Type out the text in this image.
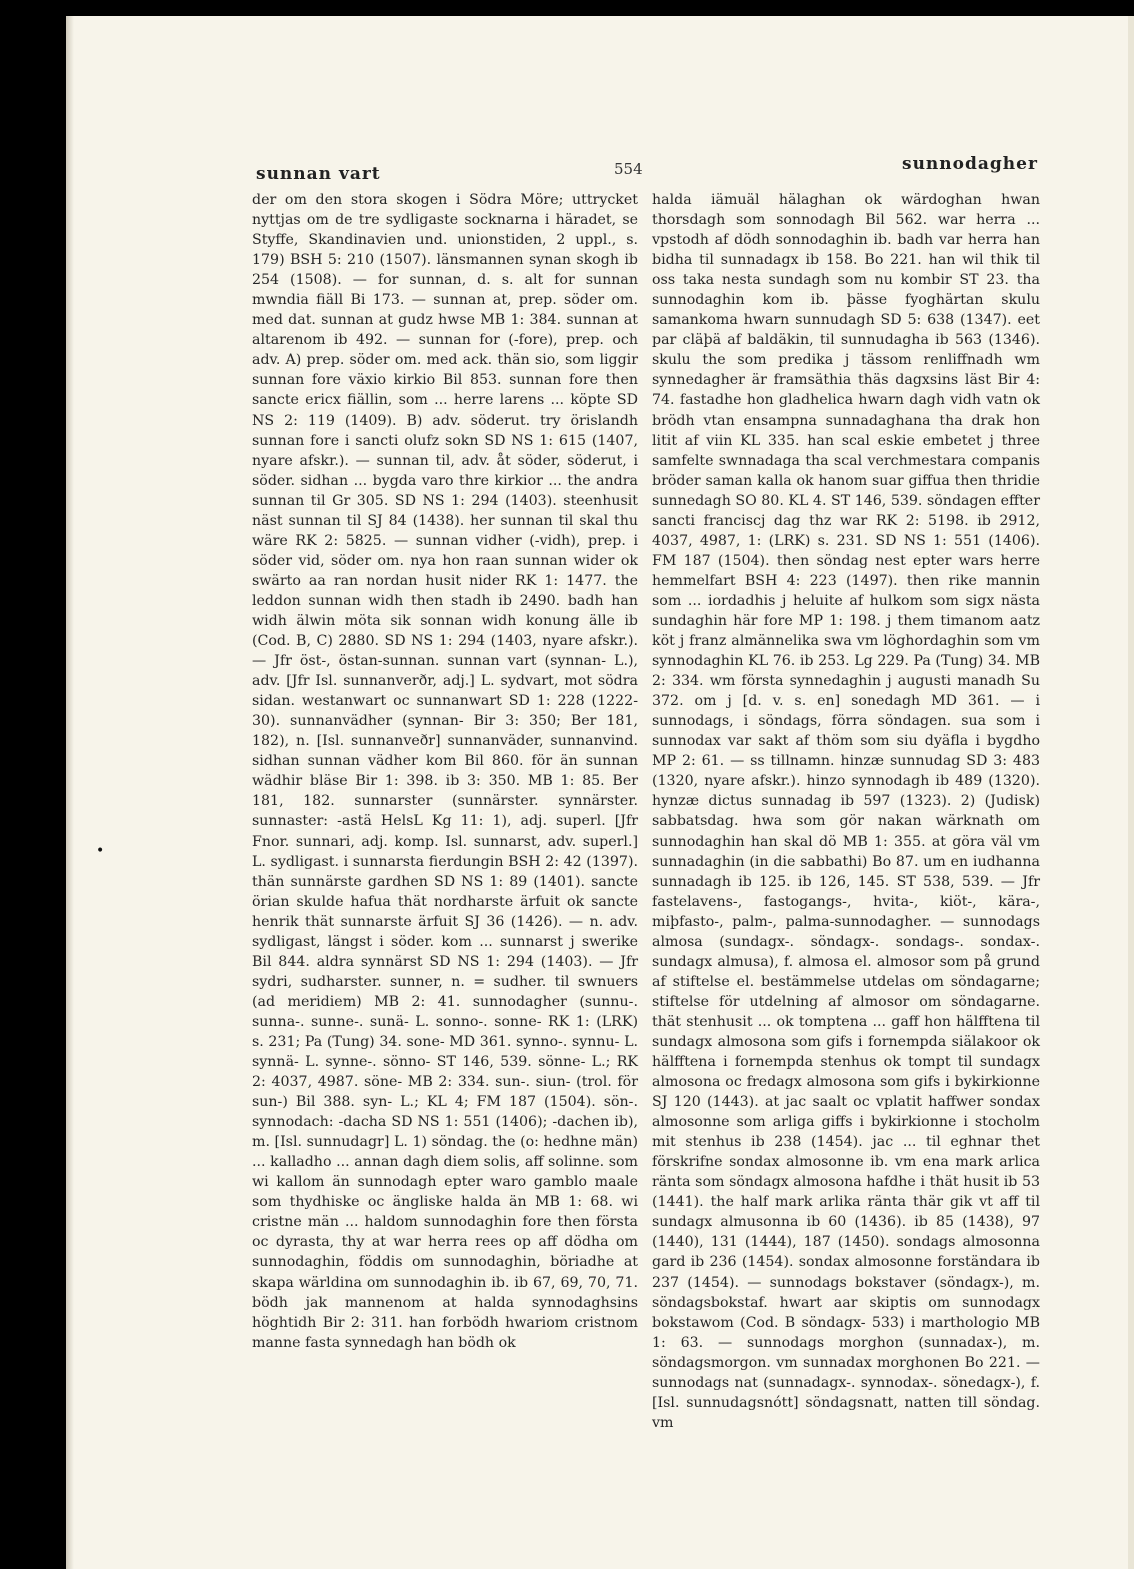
sunnan vart	554	sunnodagher
•

der om den stora skogen i Södra Möre; uttrycket nyttjas om de tre sydligaste socknarna i häradet, se Styffe, Skandinavien und. unionstiden, 2 uppl., s. 179) BSH 5: 210 (1507). länsmannen synan skogh ib 254 (1508). — for sunnan, d. s. alt for sunnan mwndia fiäll Bi 173. — sunnan at, prep. söder om. med dat. sunnan at gudz hwse MB 1: 384. sunnan at altarenom ib 492. — sunnan for (-fore), prep. och adv. A) prep. söder om. med ack. thän sio, som liggir sunnan fore växio kirkio Bil 853. sunnan fore then sancte ericx fiällin, som ... herre larens ... köpte SD NS 2: 119 (1409). B) adv. söderut. try örislandh sunnan fore i sancti olufz sokn SD NS 1: 615 (1407, nyare afskr.). — sunnan til, adv. åt söder, söderut, i söder. sidhan ... bygda varo thre kirkior ... the andra sunnan til Gr 305. SD NS 1: 294 (1403). steenhusit näst sunnan til SJ 84 (1438). her sunnan til skal thu wäre RK 2: 5825. — sunnan vidher (-vidh), prep. i söder vid, söder om. nya hon raan sunnan wider ok swärto aa ran nordan husit nider RK 1: 1477. the leddon sunnan widh then stadh ib 2490. badh han widh älwin möta sik sonnan widh konung älle ib (Cod. B, C) 2880. SD NS 1: 294 (1403, nyare afskr.). — Jfr öst-, östan-sunnan. sunnan vart (synnan- L.), adv. [Jfr Isl. sunnanverðr, adj.] L. sydvart, mot södra sidan. westanwart oc sunnanwart SD 1: 228 (1222-30). sunnanvädher (synnan- Bir 3: 350; Ber 181, 182), n. [Isl. sunnanveðr] sunnanväder, sunnanvind. sidhan sunnan vädher kom Bil 860. för än sunnan wädhir bläse Bir 1: 398. ib 3: 350. MB 1: 85. Ber 181, 182. sunnarster (sunnärster. synnärster. sunnaster: -astä HelsL Kg 11: 1), adj. superl. [Jfr Fnor. sunnari, adj. komp. Isl. sunnarst, adv. superl.] L. sydligast. i sunnarsta fierdungin BSH 2: 42 (1397). thän sunnärste gardhen SD NS 1: 89 (1401). sancte örian skulde hafua thät nordharste ärfuit ok sancte henrik thät sunnarste ärfuit SJ 36 (1426). — n. adv. sydligast, längst i söder. kom ... sunnarst j swerike Bil 844. aldra synnärst SD NS 1: 294 (1403). — Jfr sydri, sudharster. sunner, n. = sudher. til swnuers (ad meridiem) MB 2: 41. sunnodagher (sunnu-. sunna-. sunne-. sunä- L. sonno-. sonne- RK 1: (LRK) s. 231; Pa (Tung) 34. sone- MD 361. synno-. synnu- L. synnä- L. synne-. sönno- ST 146, 539. sönne- L.; RK 2: 4037, 4987. söne- MB 2: 334. sun-. siun- (trol. för sun-) Bil 388. syn- L.; KL 4; FM 187 (1504). sön-. synnodach: -dacha SD NS 1: 551 (1406); -dachen ib), m. [Isl. sunnudagr] L. 1) söndag. the (o: hedhne män) ... kalladho ... annan dagh diem solis, aff solinne. som wi kallom än sunnodagh epter waro gamblo maale som thydhiske oc ängliske halda än MB 1: 68. wi cristne män ... haldom sunnodaghin fore then första oc dyrasta, thy at war herra rees op aff dödha om sunnodaghin, föddis om sunnodaghin, böriadhe at skapa wärldina om sunnodaghin ib. ib 67, 69, 70, 71. bödh jak mannenom at halda synnodaghsins höghtidh Bir 2: 311. han forbödh hwariom cristnom manne fasta synnedagh han bödh ok

halda iämuäl hälaghan ok wärdoghan hwan thorsdagh som sonnodagh Bil 562. war herra ... vpstodh af dödh sonnodaghin ib. badh var herra han bidha til sunnadagx ib 158. Bo 221. han wil thik til oss taka nesta sundagh som nu kombir ST 23. tha sunnodaghin kom ib. þässe fyoghärtan skulu samankoma hwarn sunnudagh SD 5: 638 (1347). eet par cläþä af baldäkin, til sunnudagha ib 563 (1346). skulu the som predika j tässom renliffnadh wm synnedagher är framsäthia thäs dagxsins läst Bir 4: 74. fastadhe hon gladhelica hwarn dagh vidh vatn ok brödh vtan ensampna sunnadaghana tha drak hon litit af viin KL 335. han scal eskie embetet j three samfelte swnnadaga tha scal verchmestara companis bröder saman kalla ok hanom suar giffua then thridie sunnedagh SO 80. KL 4. ST 146, 539. söndagen effter sancti franciscj dag thz war RK 2: 5198. ib 2912, 4037, 4987, 1: (LRK) s. 231. SD NS 1: 551 (1406). FM 187 (1504). then söndag nest epter wars herre hemmelfart BSH 4: 223 (1497). then rike mannin som ... iordadhis j heluite af hulkom som sigx nästa sundaghin här fore MP 1: 198. j them timanom aatz köt j franz almännelika swa vm löghordaghin som vm synnodaghin KL 76. ib 253. Lg 229. Pa (Tung) 34. MB 2: 334. wm första synnedaghin j augusti manadh Su 372. om j [d. v. s. en] sonedagh MD 361. — i sunnodags, i söndags, förra söndagen. sua som i sunnodax var sakt af thöm som siu dyäfla i bygdho MP 2: 61. — ss tillnamn. hinzæ sunnudag SD 3: 483 (1320, nyare afskr.). hinzo synnodagh ib 489 (1320). hynzæ dictus sunnadag ib 597 (1323). 2) (Judisk) sabbatsdag. hwa som gör nakan wärknath om sunnodaghin han skal dö MB 1: 355. at göra väl vm sunnadaghin (in die sabbathi) Bo 87. um en iudhanna sunnadagh ib 125. ib 126, 145. ST 538, 539. — Jfr fastelavens-, fastogangs-, hvita-, kiöt-, kära-, miþfasto-, palm-, palma-sunnodagher. — sunnodags almosa (sundagx-. söndagx-. sondags-. sondax-. sundagx almusa), f. almosa el. almosor som på grund af stiftelse el. bestämmelse utdelas om söndagarne; stiftelse för utdelning af almosor om söndagarne. thät stenhusit ... ok tomptena ... gaff hon hälfftena til sundagx almosona som gifs i fornempda siälakoor ok hälfftena i fornempda stenhus ok tompt til sundagx almosona oc fredagx almosona som gifs i bykirkionne SJ 120 (1443). at jac saalt oc vplatit haffwer sondax almosonne som arliga giffs i bykirkionne i stocholm mit stenhus ib 238 (1454). jac ... til eghnar thet förskrifne sondax almosonne ib. vm ena mark arlica ränta som söndagx almosona hafdhe i thät husit ib 53 (1441). the half mark arlika ränta thär gik vt aff til sundagx almusonna ib 60 (1436). ib 85 (1438), 97 (1440), 131 (1444), 187 (1450). sondags almosonna gard ib 236 (1454). sondax almosonne forständara ib 237 (1454). — sunnodags bokstaver (söndagx-), m. söndagsbokstaf. hwart aar skiptis om sunnodagx bokstawom (Cod. B söndagx- 533) i marthologio MB 1: 63. — sunnodags morghon (sunnadax-), m. söndagsmorgon. vm sunnadax morghonen Bo 221. — sunnodags nat (sunnadagx-. synnodax-. sönedagx-), f. [Isl. sunnudagsnótt] söndagsnatt, natten till söndag. vm
